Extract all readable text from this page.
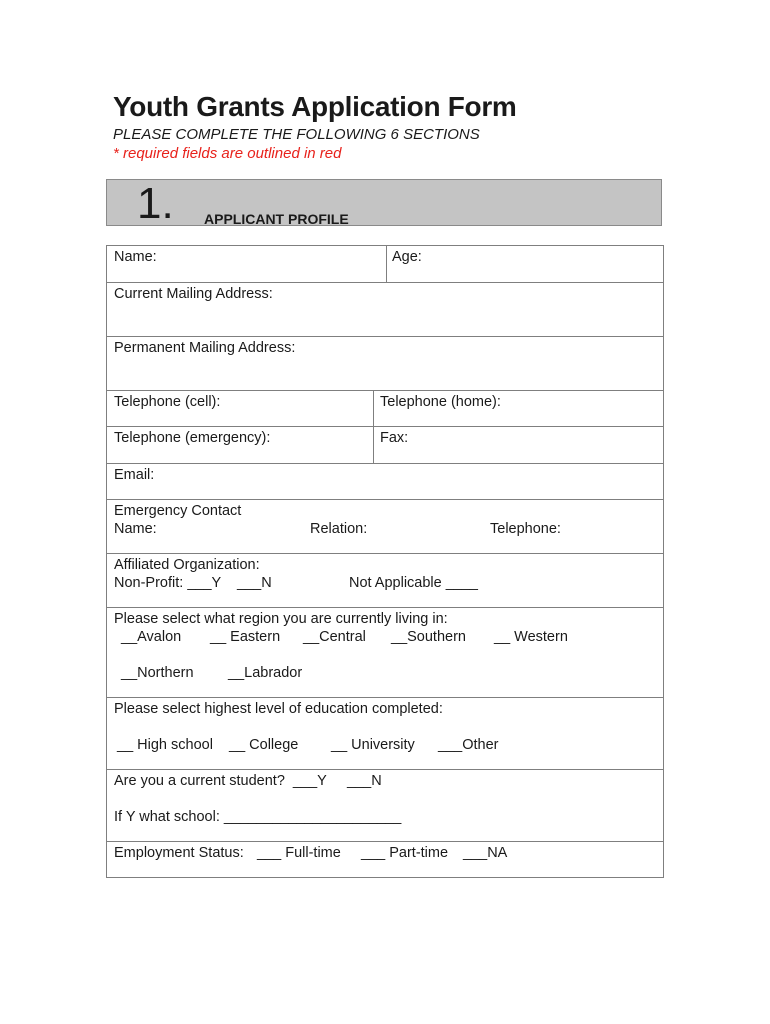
Youth Grants Application Form
PLEASE COMPLETE THE FOLLOWING 6 SECTIONS
* required fields are outlined in red
1. APPLICANT PROFILE
Name:	Age:
Current Mailing Address:
Permanent Mailing Address:
Telephone (cell):	Telephone (home):
Telephone (emergency):	Fax:
Email:
Emergency Contact
Name:	Relation:	Telephone:
Affiliated Organization:
Non-Profit: ___Y    ___N	Not Applicable ____
Please select what region you are currently living in:
__Avalon __ Eastern __Central __Southern __ Western
__Northern __Labrador
Please select highest level of education completed:
__ High school __ College __ University ___Other
Are you a current student?  ___Y ___N
If Y what school: ______________________
Employment Status: ___ Full-time ___ Part-time ___NA
